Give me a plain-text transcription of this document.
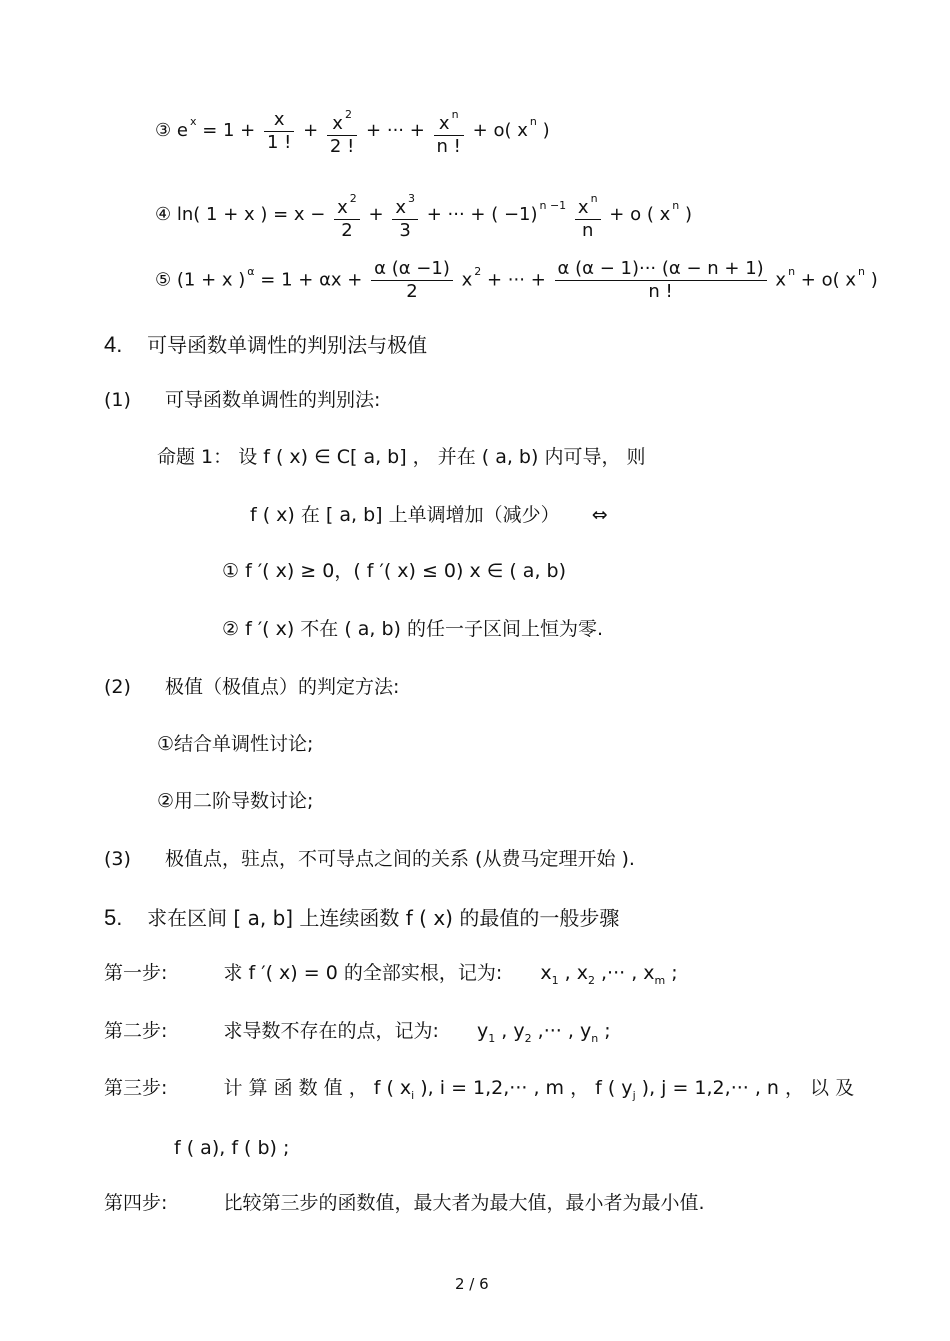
③ e $^x = 1 + \frac{x}{1 !} + \frac{x ^2}{2 !}$ + ··· + $\frac{x ^n}{n !} + o$( x $^n$ )
④ ln( 1 + x ) = $x - \frac{x ^2}{2} + \frac{x ^3}{3}$ + ··· + ( −1) $^{n -1} \frac{x ^n}{n} + o$ ( x $^n$ )
⑤ (1 + x ) $^\alpha = 1 + \alpha x + \frac{\alpha (\alpha -1)}{2}$ x $^2$ + ··· + $\frac{\alpha (\alpha - 1)\cdot\cdot\cdot (\alpha - n + 1)}{n !}$ x $^n$ + o( x $^n$ )
4. 可导函数单调性的判别法与极值
(1) 可导函数单调性的判别法:
命题 1： 设 f ( x) ∈ C[ a, b] ， 并在 ( a, b) 内可导， 则
f ( x) 在 [ a, b] 上单调增加（减少） ⇔
① f ′( x) ≥ 0，( f ′( x) ≤ 0) x ∈ ( a, b)
② f ′( x) 不在 ( a, b) 的任一子区间上恒为零.
(2) 极值（极值点）的判定方法:
①结合单调性讨论;
②用二阶导数讨论;
(3) 极值点，驻点，不可导点之间的关系 (从费马定理开始 ).
5. 求在区间 [ a, b] 上连续函数 f ( x) 的最值的一般步骤
第一步:	求 f ′( x) = 0 的全部实根，记为: $x_1$ , $x_2$ ,··· , $x_m$ ;
第二步:	求导数不存在的点，记为: $y_1$ , $y_2$ ,··· , $y_n$ ;
第三步:	计 算 函 数 值 ， f ( $x_i$ ), i = 1,2,··· , m ， f ( $y_j$ ), j = 1,2,··· , n ， 以 及
f ( a), f ( b) ;
第四步:	比较第三步的函数值，最大者为最大值，最小者为最小值.
2 / 6
